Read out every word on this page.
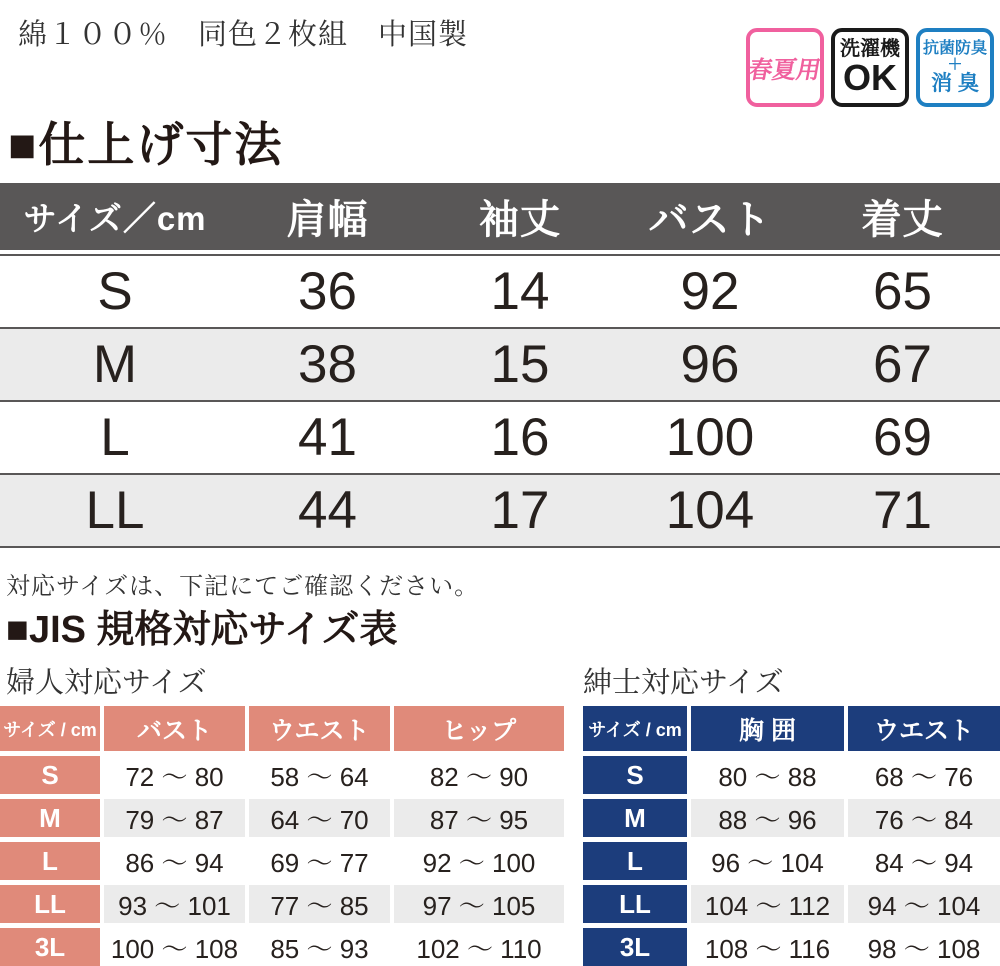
綿１００％　同色２枚組　中国製
春夏用
洗濯機
OK
抗菌防臭
＋
消 臭
■仕上げ寸法
サイズ／cm	肩幅	袖丈	バスト	着丈
S	36	14	92	65
M	38	15	96	67
L	41	16	100	69
LL	44	17	104	71
対応サイズは、下記にてご確認ください。
■JIS 規格対応サイズ表
婦人対応サイズ	紳士対応サイズ
サイズ / cm	バスト	ウエスト	ヒップ
S	72 ～ 80	58 ～ 64	82 ～ 90
M	79 ～ 87	64 ～ 70	87 ～ 95
L	86 ～ 94	69 ～ 77	92 ～ 100
LL	93 ～ 101	77 ～ 85	97 ～ 105
3L	100 ～ 108	85 ～ 93	102 ～ 110
サイズ / cm	胸 囲	ウエスト
S	80 ～ 88	68 ～ 76
M	88 ～ 96	76 ～ 84
L	96 ～ 104	84 ～ 94
LL	104 ～ 112	94 ～ 104
3L	108 ～ 116	98 ～ 108
